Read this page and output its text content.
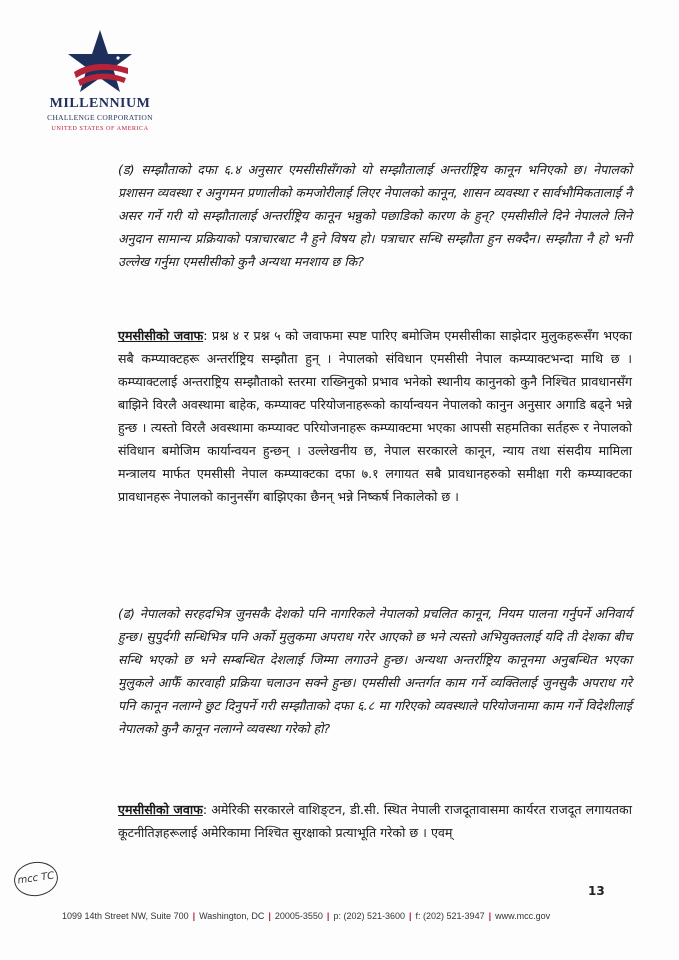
MILLENNIUM
CHALLENGE CORPORATION
UNITED STATES OF AMERICA

(ड) सम्झौताको दफा ६.४ अनुसार एमसीसीसँगको यो सम्झौतालाई अन्तर्राष्ट्रिय कानून भनिएको छ। नेपालको प्रशासन व्यवस्था र अनुगमन प्रणालीको कमजोरीलाई लिएर नेपालको कानून, शासन व्यवस्था र सार्वभौमिकतालाई नै असर गर्ने गरी यो सम्झौतालाई अन्तर्राष्ट्रिय कानून भन्नुको पछाडिको कारण के हुन्? एमसीसीले दिने नेपालले लिने अनुदान सामान्य प्रक्रियाको पत्राचारबाट नै हुने विषय हो। पत्राचार सन्धि सम्झौता हुन सक्दैन। सम्झौता नै हो भनी उल्लेख गर्नुमा एमसीसीको कुनै अन्यथा मनशाय छ कि?

एमसीसीको जवाफ: प्रश्न ४ र प्रश्न ५ को जवाफमा स्पष्ट पारिए बमोजिम एमसीसीका साझेदार मुलुकहरूसँग भएका सबै कम्प्याक्टहरू अन्तर्राष्ट्रिय सम्झौता हुन् । नेपालको संविधान एमसीसी नेपाल कम्प्याक्टभन्दा माथि छ । कम्प्याक्टलाई अन्तराष्ट्रिय सम्झौताको स्तरमा राख्निनुको प्रभाव भनेको स्थानीय कानुनको कुनै निश्चित प्रावधानसँग बाझिने विरलै अवस्थामा बाहेक, कम्प्याक्ट परियोजनाहरूको कार्यान्वयन नेपालको कानुन अनुसार अगाडि बढ्ने भन्ने हुन्छ । त्यस्तो विरलै अवस्थामा कम्प्याक्ट परियोजनाहरू कम्प्याक्टमा भएका आपसी सहमतिका सर्तहरू र नेपालको संविधान बमोजिम कार्यान्वयन हुन्छन् । उल्लेखनीय छ, नेपाल सरकारले कानून, न्याय तथा संसदीय मामिला मन्त्रालय मार्फत एमसीसी नेपाल कम्प्याक्टका दफा ७.१ लगायत सबै प्रावधानहरुको समीक्षा गरी कम्प्याक्टका प्रावधानहरू नेपालको कानुनसँग बाझिएका छैनन् भन्ने निष्कर्ष निकालेको छ ।

(ढ) नेपालको सरहदभित्र जुनसकै देशको पनि नागरिकले नेपालको प्रचलित कानून, नियम पालना गर्नुपर्ने अनिवार्य हुन्छ। सुपुर्दगी सन्धिभित्र पनि अर्को मुलुकमा अपराध गरेर आएको छ भने त्यस्तो अभियुक्तलाई यदि ती देशका बीच सन्धि भएको छ भने सम्बन्धित देशलाई जिम्मा लगाउने हुन्छ। अन्यथा अन्तर्राष्ट्रिय कानूनमा अनुबन्धित भएका मुलुकले आफैँ कारवाही प्रक्रिया चलाउन सक्ने हुन्छ। एमसीसी अन्तर्गत काम गर्ने व्यक्तिलाई जुनसुकै अपराध गरे पनि कानून नलाग्ने छुट दिनुपर्ने गरी सम्झौताको दफा ६.८ मा गरिएको व्यवस्थाले परियोजनामा काम गर्ने विदेशीलाई नेपालको कुनै कानून नलाग्ने व्यवस्था गरेको हो?

एमसीसीको जवाफ: अमेरिकी सरकारले वाशिङ्टन, डी.सी. स्थित नेपाली राजदूतावासमा कार्यरत राजदूत लगायतका कूटनीतिज्ञहरूलाई अमेरिकामा निश्चित सुरक्षाको प्रत्याभूति गरेको छ । एवम्

mcc TC
13
1099 14th Street NW, Suite 700 | Washington, DC | 20005-3550 | p: (202) 521-3600 | f: (202) 521-3947 | www.mcc.gov
